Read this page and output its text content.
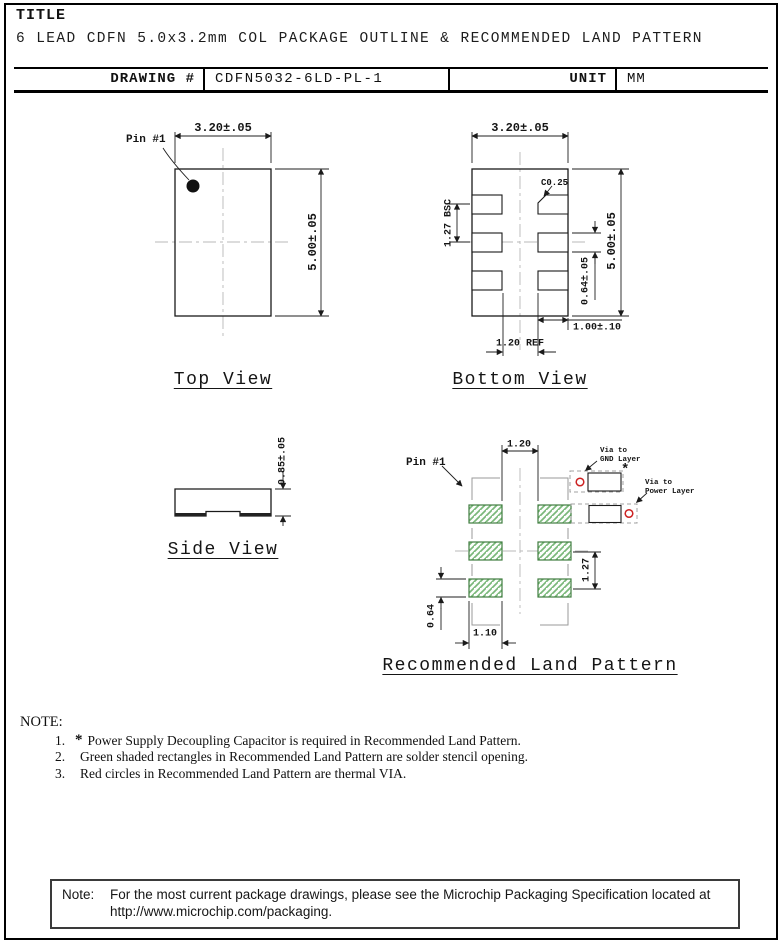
TITLE
6 LEAD CDFN 5.0x3.2mm COL PACKAGE OUTLINE & RECOMMENDED LAND PATTERN
DRAWING #	CDFN5032-6LD-PL-1	UNIT	MM
3.20±.05
Pin #1
5.00±.05
Top View
3.20±.05
C0.25
1.27 BSC	5.00±.05
0.64±.05
1.00±.10
1.20 REF
Bottom View
0.85±.05
Side View
1.20
Pin #1
Via to
GND Layer
*
Via to
Power Layer
1.27
0.64
1.10
Recommended Land Pattern
NOTE:
1. * Power Supply Decoupling Capacitor is required in Recommended Land Pattern.
2.	Green shaded rectangles in Recommended Land Pattern are solder stencil opening.
3.	Red circles in Recommended Land Pattern are thermal VIA.
Note:	For the most current package drawings, please see the Microchip Packaging Specification located at
http://www.microchip.com/packaging.
